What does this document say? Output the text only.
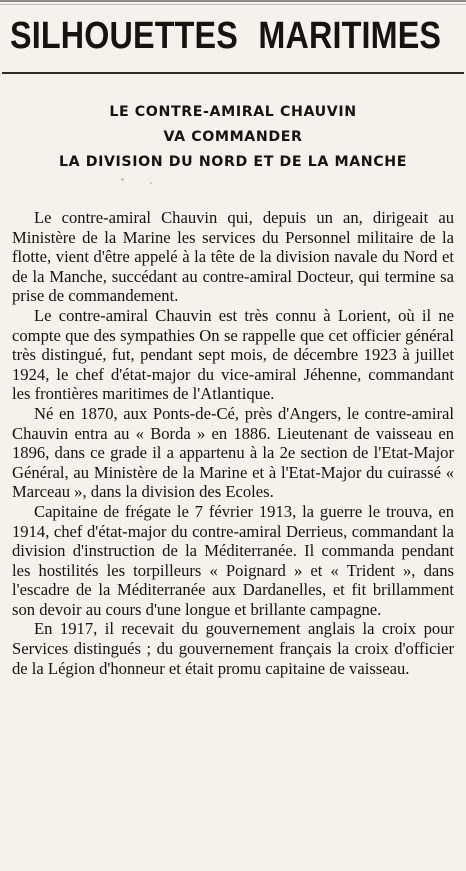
SILHOUETTES MARITIMES
LE CONTRE-AMIRAL CHAUVIN
VA COMMANDER
LA DIVISION DU NORD ET DE LA MANCHE

Le contre-amiral Chauvin qui, depuis un an, dirigeait au Ministère de la Marine les services du Personnel militaire de la flotte, vient d'être appelé à la tête de la division navale du Nord et de la Manche, succédant au contre-amiral Docteur, qui termine sa prise de commandement.

Le contre-amiral Chauvin est très connu à Lorient, où il ne compte que des sympathies On se rappelle que cet officier général très distingué, fut, pendant sept mois, de décembre 1923 à juillet 1924, le chef d'état-major du vice-amiral Jéhenne, commandant les frontières maritimes de l'Atlantique.

Né en 1870, aux Ponts-de-Cé, près d'Angers, le contre-amiral Chauvin entra au « Borda » en 1886. Lieutenant de vaisseau en 1896, dans ce grade il a appartenu à la 2e section de l'Etat-Major Général, au Ministère de la Marine et à l'Etat-Major du cuirassé « Marceau », dans la division des Ecoles.

Capitaine de frégate le 7 février 1913, la guerre le trouva, en 1914, chef d'état-major du contre-amiral Derrieus, commandant la division d'instruction de la Méditerranée. Il commanda pendant les hostilités les torpilleurs « Poignard » et « Trident », dans l'escadre de la Méditerranée aux Dardanelles, et fit brillamment son devoir au cours d'une longue et brillante campagne.

En 1917, il recevait du gouvernement anglais la croix pour Services distingués ; du gouvernement français la croix d'officier de la Légion d'honneur et était promu capitaine de vaisseau.
